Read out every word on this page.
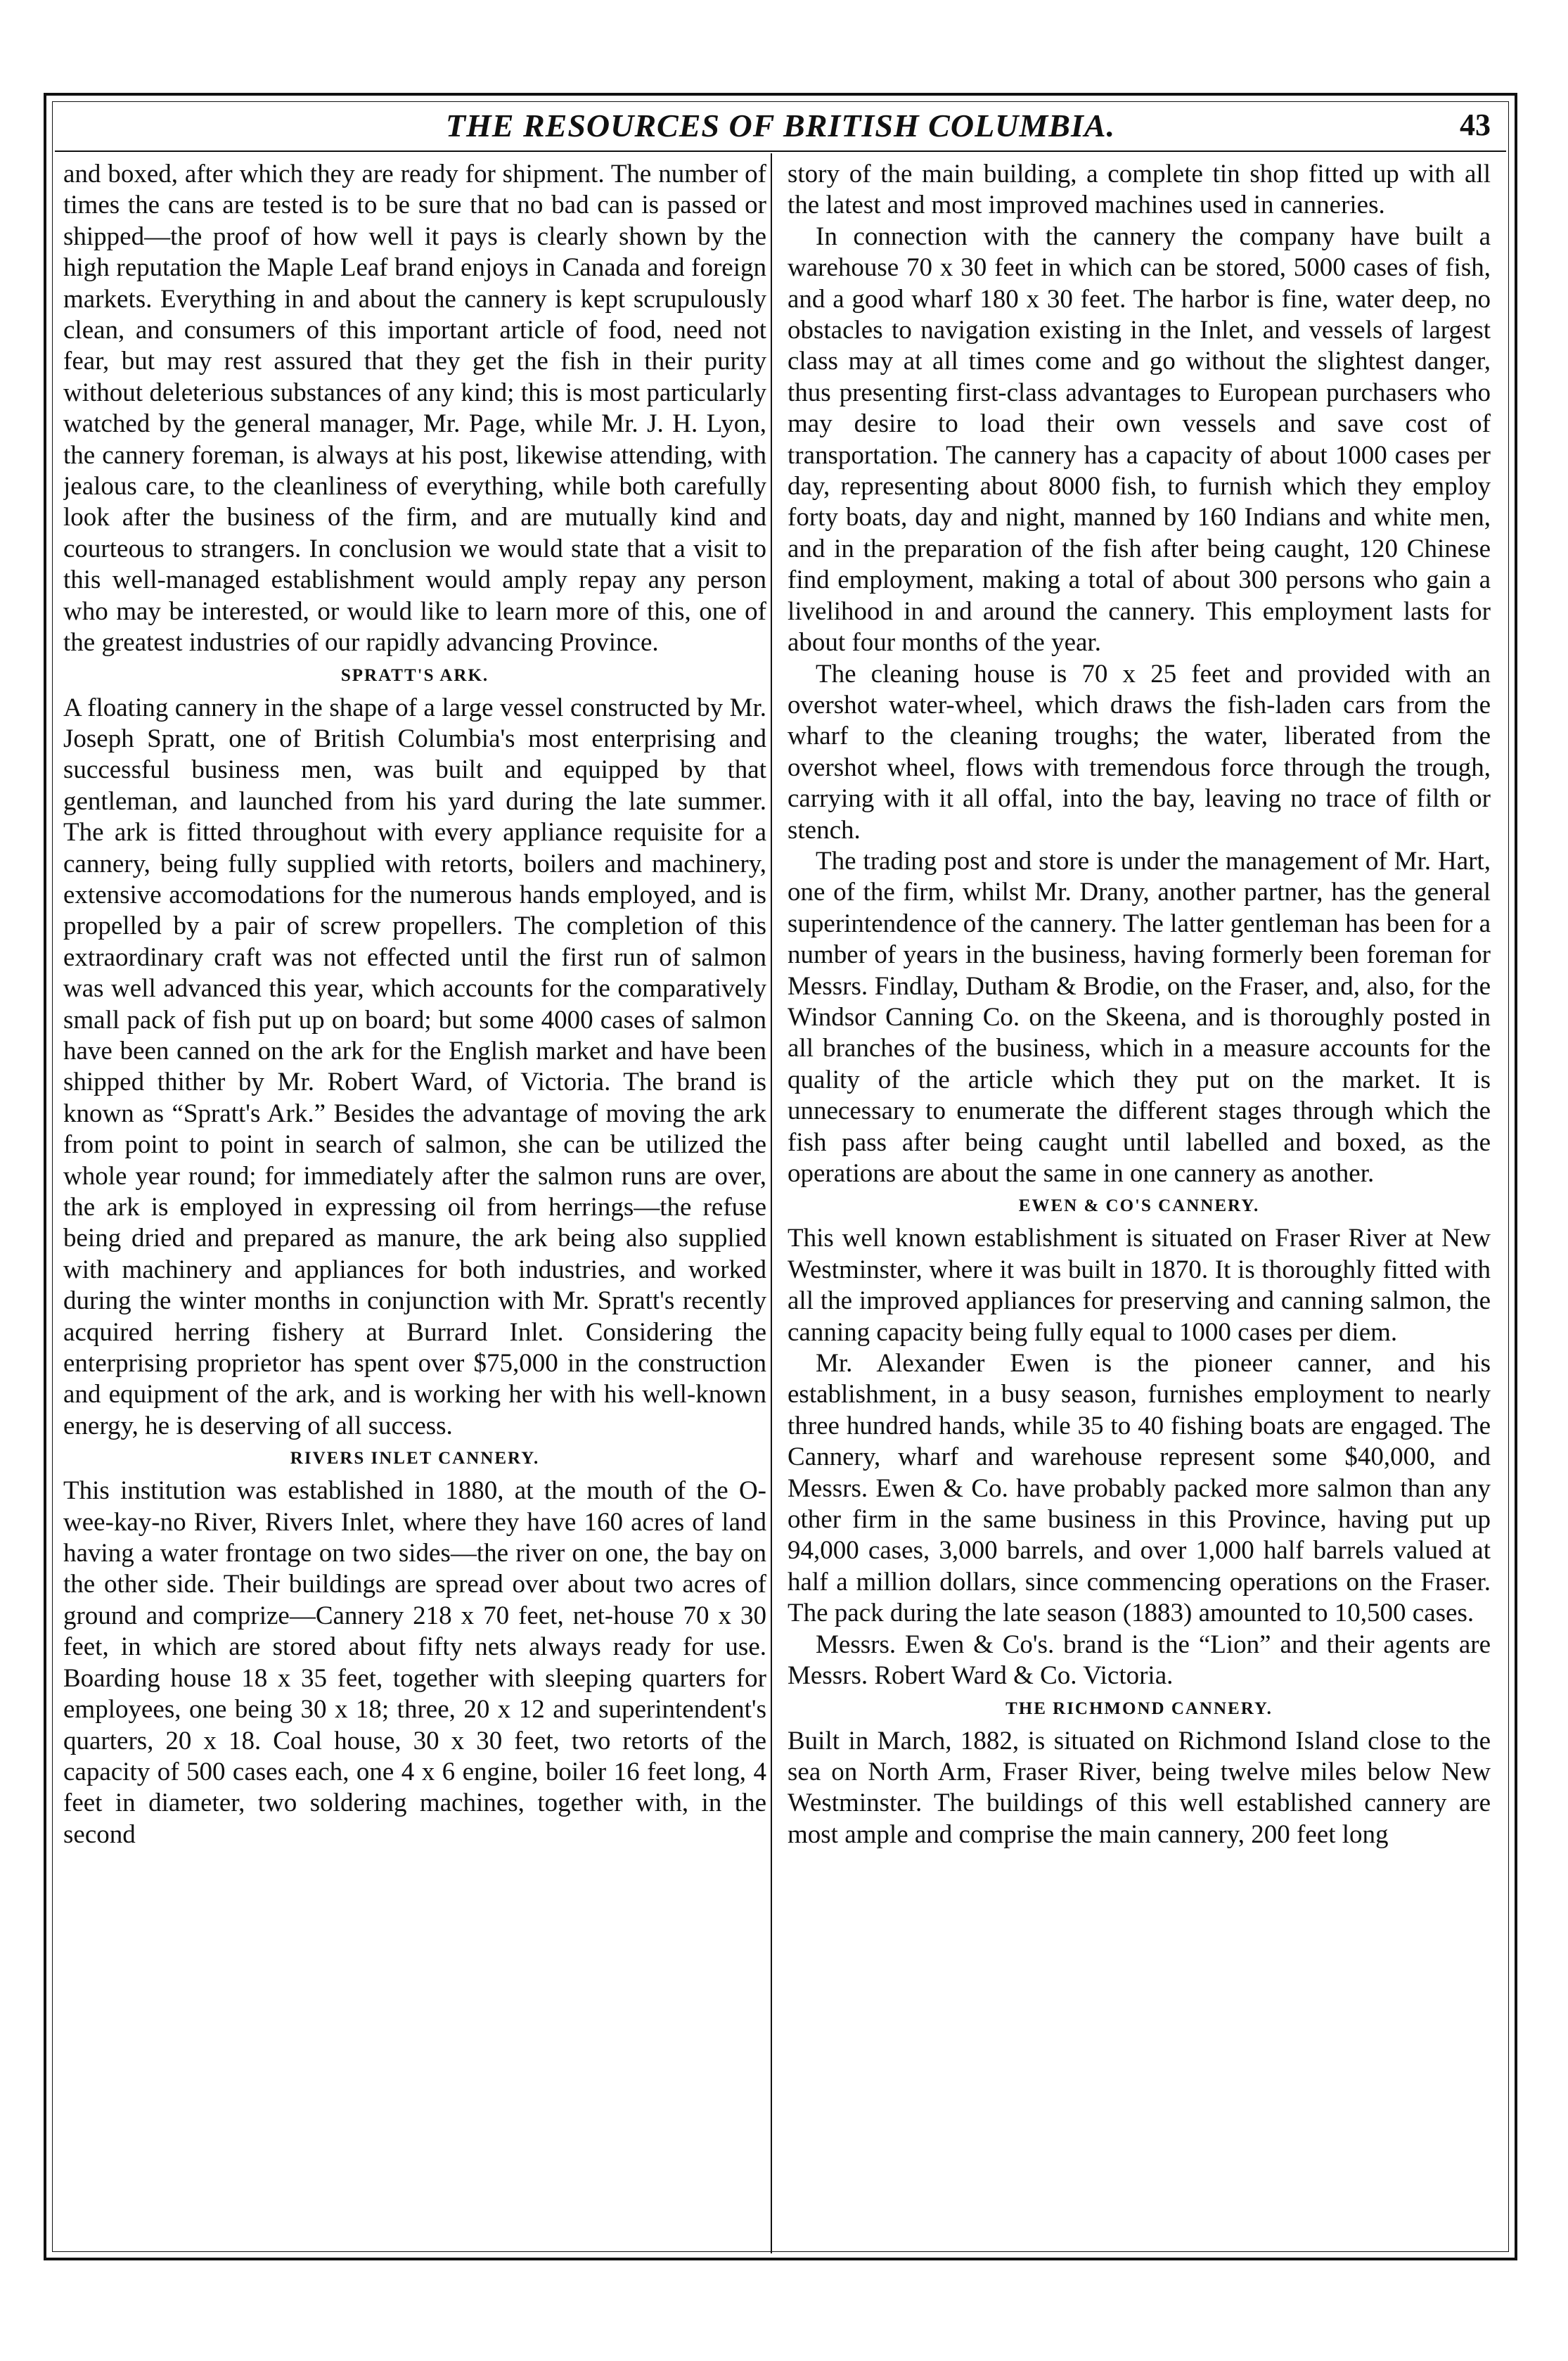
THE RESOURCES OF BRITISH COLUMBIA.	43

and boxed, after which they are ready for shipment. The number of times the cans are tested is to be sure that no bad can is passed or shipped—the proof of how well it pays is clearly shown by the high reputation the Maple Leaf brand enjoys in Canada and foreign markets. Everything in and about the cannery is kept scrupulously clean, and consumers of this important article of food, need not fear, but may rest assured that they get the fish in their purity without deleterious substances of any kind; this is most particularly watched by the general manager, Mr. Page, while Mr. J. H. Lyon, the cannery foreman, is always at his post, likewise attending, with jealous care, to the cleanliness of everything, while both carefully look after the business of the firm, and are mutually kind and courteous to strangers. In conclusion we would state that a visit to this well-managed establishment would amply repay any person who may be interested, or would like to learn more of this, one of the greatest industries of our rapidly advancing Province.

SPRATT'S ARK.

A floating cannery in the shape of a large vessel constructed by Mr. Joseph Spratt, one of British Columbia's most enterprising and successful business men, was built and equipped by that gentleman, and launched from his yard during the late summer. The ark is fitted throughout with every appliance requisite for a cannery, being fully supplied with retorts, boilers and machinery, extensive accomodations for the numerous hands employed, and is propelled by a pair of screw propellers. The completion of this extraordinary craft was not effected until the first run of salmon was well advanced this year, which accounts for the comparatively small pack of fish put up on board; but some 4000 cases of salmon have been canned on the ark for the English market and have been shipped thither by Mr. Robert Ward, of Victoria. The brand is known as “Spratt's Ark.” Besides the advantage of moving the ark from point to point in search of salmon, she can be utilized the whole year round; for immediately after the salmon runs are over, the ark is employed in expressing oil from herrings—the refuse being dried and prepared as manure, the ark being also supplied with machinery and appliances for both industries, and worked during the winter months in conjunction with Mr. Spratt's recently acquired herring fishery at Burrard Inlet. Considering the enterprising proprietor has spent over $75,000 in the construction and equipment of the ark, and is working her with his well-known energy, he is deserving of all success.

RIVERS INLET CANNERY.

This institution was established in 1880, at the mouth of the O-wee-kay-no River, Rivers Inlet, where they have 160 acres of land having a water frontage on two sides—the river on one, the bay on the other side. Their buildings are spread over about two acres of ground and comprize—Cannery 218 x 70 feet, net-house 70 x 30 feet, in which are stored about fifty nets always ready for use. Boarding house 18 x 35 feet, together with sleeping quarters for employees, one being 30 x 18; three, 20 x 12 and superintendent's quarters, 20 x 18. Coal house, 30 x 30 feet, two retorts of the capacity of 500 cases each, one 4 x 6 engine, boiler 16 feet long, 4 feet in diameter, two soldering machines, together with, in the second

story of the main building, a complete tin shop fitted up with all the latest and most improved machines used in canneries.

In connection with the cannery the company have built a warehouse 70 x 30 feet in which can be stored, 5000 cases of fish, and a good wharf 180 x 30 feet. The harbor is fine, water deep, no obstacles to navigation existing in the Inlet, and vessels of largest class may at all times come and go without the slightest danger, thus presenting first-class advantages to European purchasers who may desire to load their own vessels and save cost of transportation. The cannery has a capacity of about 1000 cases per day, representing about 8000 fish, to furnish which they employ forty boats, day and night, manned by 160 Indians and white men, and in the preparation of the fish after being caught, 120 Chinese find employment, making a total of about 300 persons who gain a livelihood in and around the cannery. This employment lasts for about four months of the year.

The cleaning house is 70 x 25 feet and provided with an overshot water-wheel, which draws the fish-laden cars from the wharf to the cleaning troughs; the water, liberated from the overshot wheel, flows with tremendous force through the trough, carrying with it all offal, into the bay, leaving no trace of filth or stench.

The trading post and store is under the management of Mr. Hart, one of the firm, whilst Mr. Drany, another partner, has the general superintendence of the cannery. The latter gentleman has been for a number of years in the business, having formerly been foreman for Messrs. Findlay, Dutham & Brodie, on the Fraser, and, also, for the Windsor Canning Co. on the Skeena, and is thoroughly posted in all branches of the business, which in a measure accounts for the quality of the article which they put on the market. It is unnecessary to enumerate the different stages through which the fish pass after being caught until labelled and boxed, as the operations are about the same in one cannery as another.

EWEN & CO'S CANNERY.

This well known establishment is situated on Fraser River at New Westminster, where it was built in 1870. It is thoroughly fitted with all the improved appliances for preserving and canning salmon, the canning capacity being fully equal to 1000 cases per diem.

Mr. Alexander Ewen is the pioneer canner, and his establishment, in a busy season, furnishes employment to nearly three hundred hands, while 35 to 40 fishing boats are engaged. The Cannery, wharf and warehouse represent some $40,000, and Messrs. Ewen & Co. have probably packed more salmon than any other firm in the same business in this Province, having put up 94,000 cases, 3,000 barrels, and over 1,000 half barrels valued at half a million dollars, since commencing operations on the Fraser. The pack during the late season (1883) amounted to 10,500 cases.

Messrs. Ewen & Co's. brand is the “Lion” and their agents are Messrs. Robert Ward & Co. Victoria.

THE RICHMOND CANNERY.

Built in March, 1882, is situated on Richmond Island close to the sea on North Arm, Fraser River, being twelve miles below New Westminster. The buildings of this well established cannery are most ample and comprise the main cannery, 200 feet long
